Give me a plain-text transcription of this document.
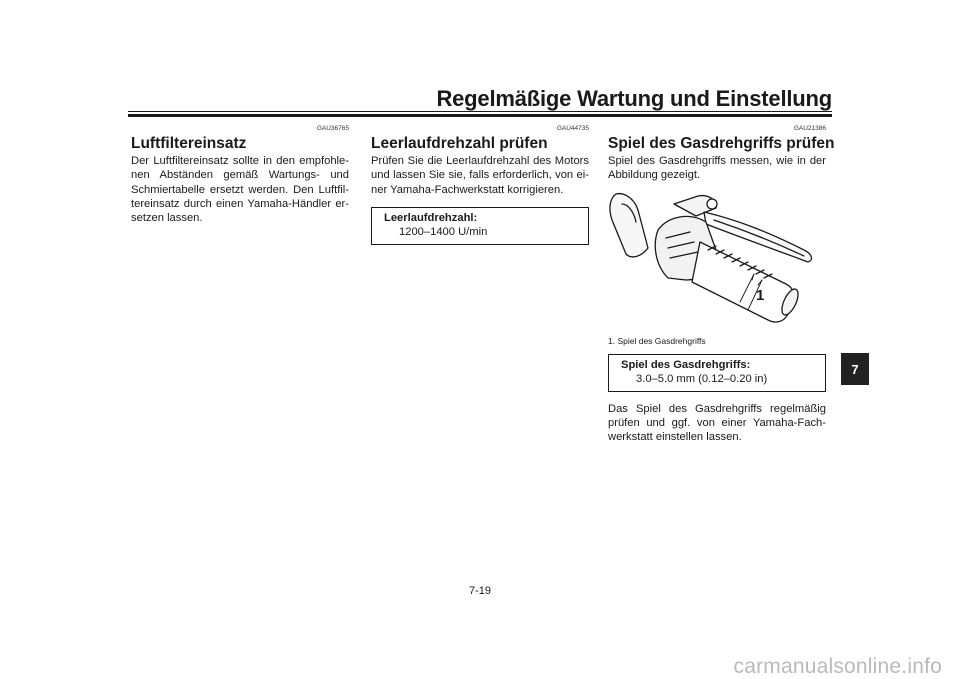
Regelmäßige Wartung und Einstellung
GAU36765
Luftfiltereinsatz
Der Luftfiltereinsatz sollte in den empfohle-nen Abständen gemäß Wartungs- und Schmiertabelle ersetzt werden. Den Luftfil-tereinsatz durch einen Yamaha-Händler er-setzen lassen.
GAU44735
Leerlaufdrehzahl prüfen
Prüfen Sie die Leerlaufdrehzahl des Motors und lassen Sie sie, falls erforderlich, von ei-ner Yamaha-Fachwerkstatt korrigieren.
Leerlaufdrehzahl:
1200–1400 U/min
GAU21386
Spiel des Gasdrehgriffs prüfen
Spiel des Gasdrehgriffs messen, wie in der Abbildung gezeigt.
1
1. Spiel des Gasdrehgriffs
Spiel des Gasdrehgriffs:
3.0–5.0 mm (0.12–0.20 in)
Das Spiel des Gasdrehgriffs regelmäßig prüfen und ggf. von einer Yamaha-Fach-werkstatt einstellen lassen.
7
7-19
carmanualsonline.info
